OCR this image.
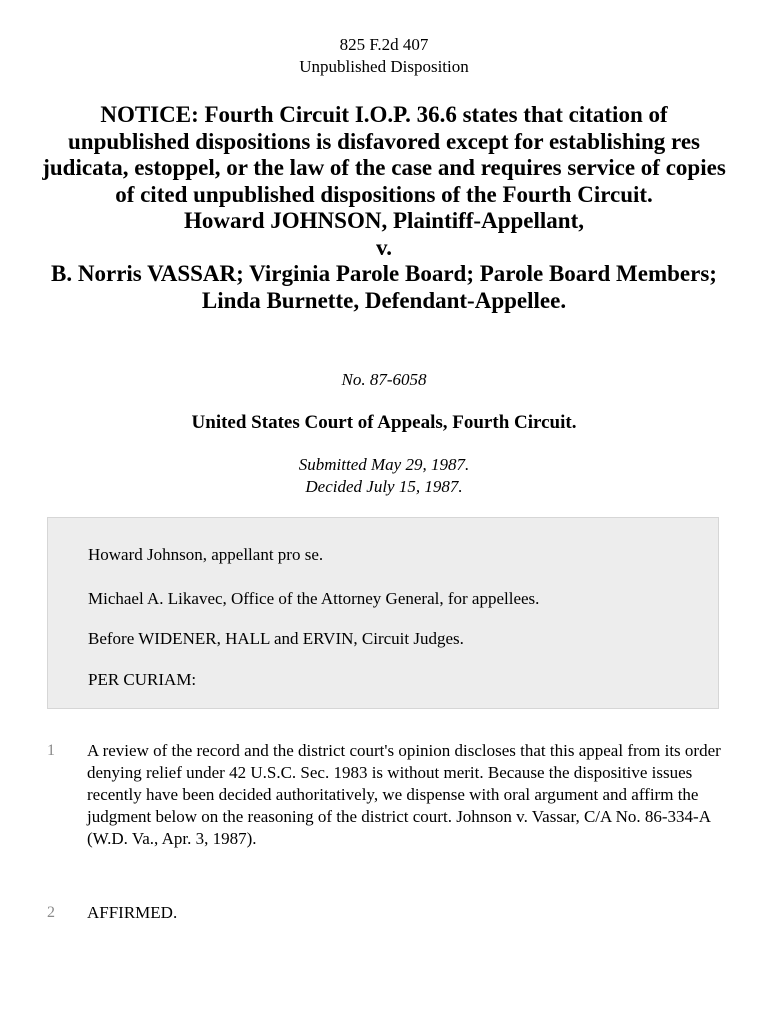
825 F.2d 407
Unpublished Disposition
NOTICE: Fourth Circuit I.O.P. 36.6 states that citation of unpublished dispositions is disfavored except for establishing res judicata, estoppel, or the law of the case and requires service of copies of cited unpublished dispositions of the Fourth Circuit.
Howard JOHNSON, Plaintiff-Appellant,
v.
B. Norris VASSAR; Virginia Parole Board; Parole Board Members; Linda Burnette, Defendant-Appellee.
No. 87-6058
United States Court of Appeals, Fourth Circuit.
Submitted May 29, 1987.
Decided July 15, 1987.

Howard Johnson, appellant pro se.

Michael A. Likavec, Office of the Attorney General, for appellees.

Before WIDENER, HALL and ERVIN, Circuit Judges.

PER CURIAM:

1 A review of the record and the district court's opinion discloses that this appeal from its order denying relief under 42 U.S.C. Sec. 1983 is without merit. Because the dispositive issues recently have been decided authoritatively, we dispense with oral argument and affirm the judgment below on the reasoning of the district court. Johnson v. Vassar, C/A No. 86-334-A (W.D. Va., Apr. 3, 1987).
2 AFFIRMED.
